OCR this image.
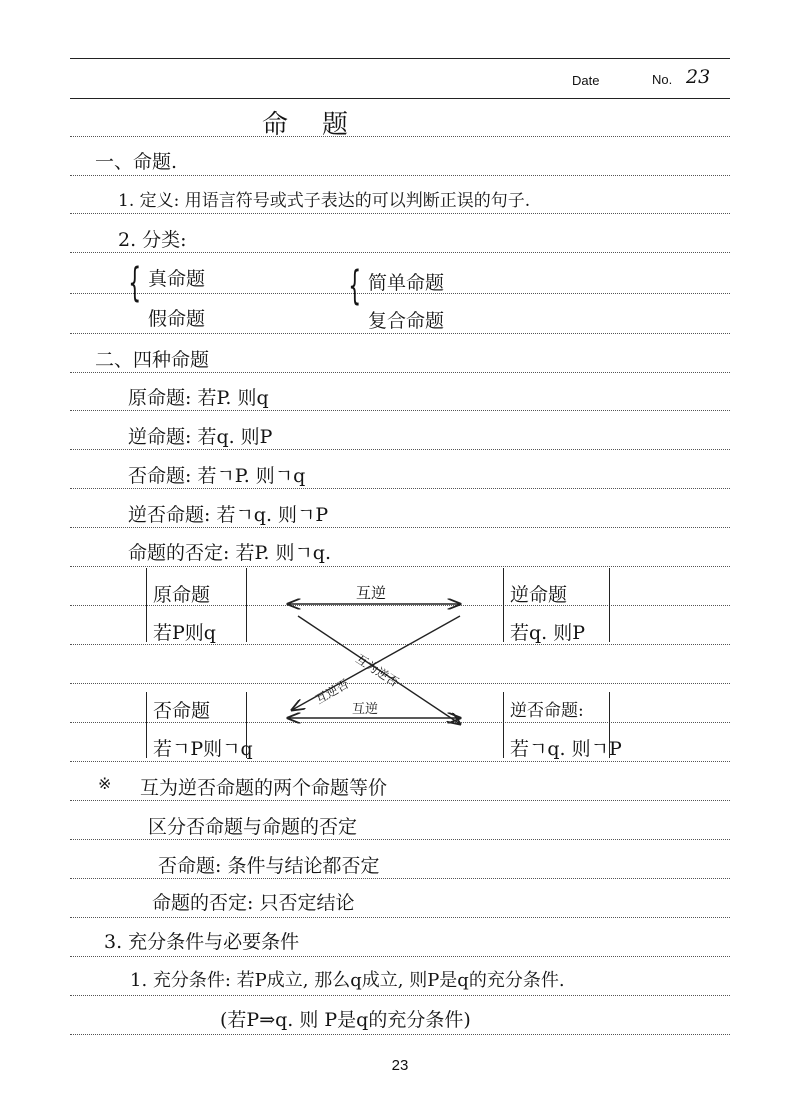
Date	No. 23
命题
一、命题.
1. 定义: 用语言符号或式子表达的可以判断正误的句子.
2. 分类:
{ 真命题
假命题
{ 简单命题
复合命题
二、四种命题
原命题: 若P. 则q
逆命题: 若q. 则P
否命题: 若ㄱP. 则ㄱq
逆否命题: 若ㄱq. 则ㄱP
命题的否定: 若P. 则ㄱq.
原命题
若P则q
逆命题
若q. 则P
否命题
若ㄱP则ㄱq
逆否命题:
若ㄱq. 则ㄱP
互逆
互逆
互为逆否
互逆否
※ 互为逆否命题的两个命题等价
区分否命题与命题的否定
否命题: 条件与结论都否定
命题的否定: 只否定结论
3. 充分条件与必要条件
1. 充分条件: 若P成立, 那么q成立, 则P是q的充分条件.
(若P⇒q. 则 P是q的充分条件)
23
